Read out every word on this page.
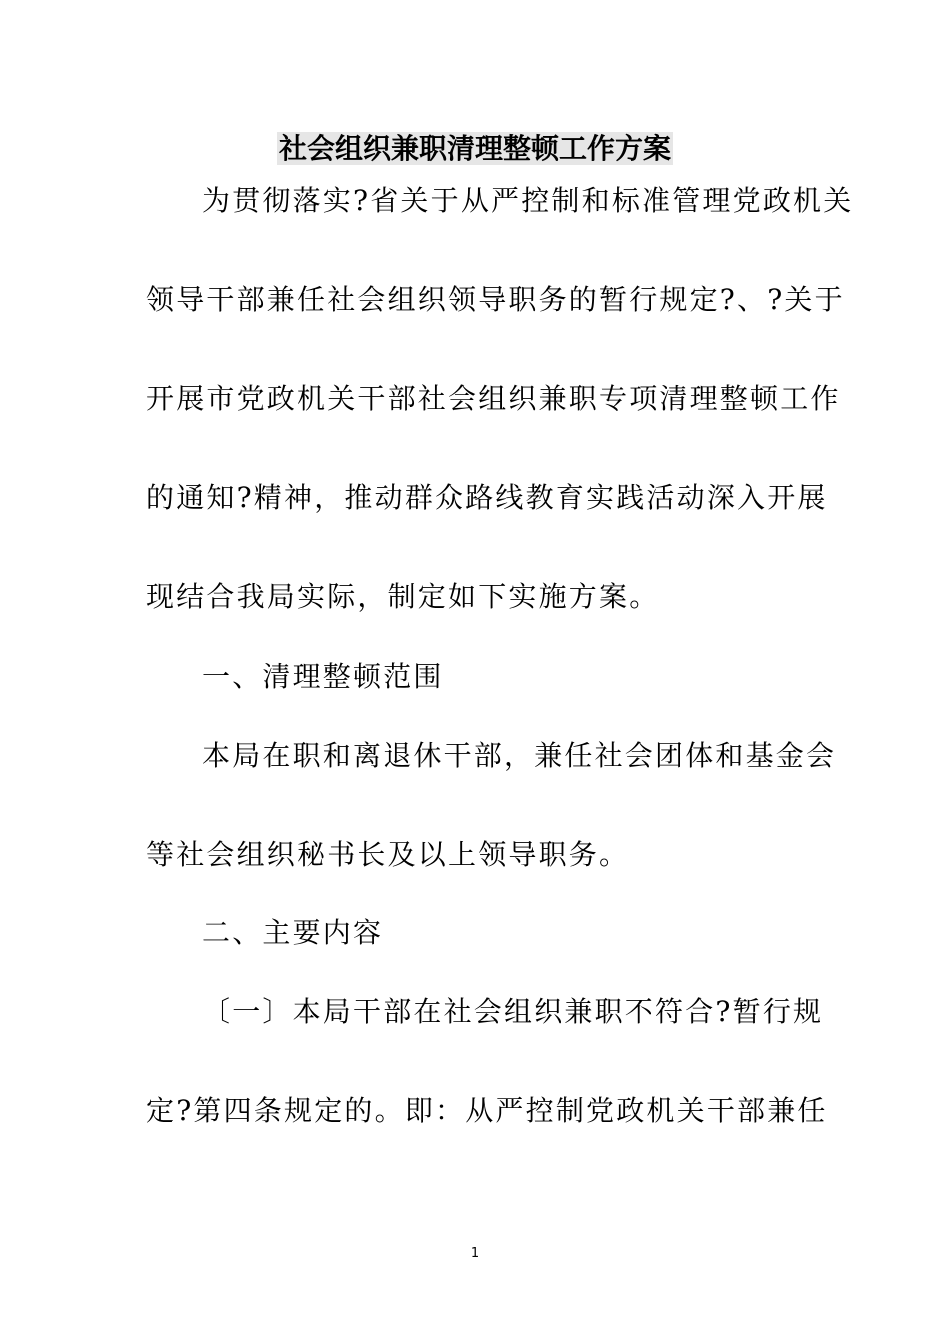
社会组织兼职清理整顿工作方案
为贯彻落实?省关于从严控制和标准管理党政机关
领导干部兼任社会组织领导职务的暂行规定?、?关于
开展市党政机关干部社会组织兼职专项清理整顿工作
的通知?精神，推动群众路线教育实践活动深入开展
现结合我局实际，制定如下实施方案。
一、清理整顿范围
本局在职和离退休干部，兼任社会团体和基金会
等社会组织秘书长及以上领导职务。
二、主要内容
〔一〕本局干部在社会组织兼职不符合?暂行规
定?第四条规定的。即：从严控制党政机关干部兼任
1
